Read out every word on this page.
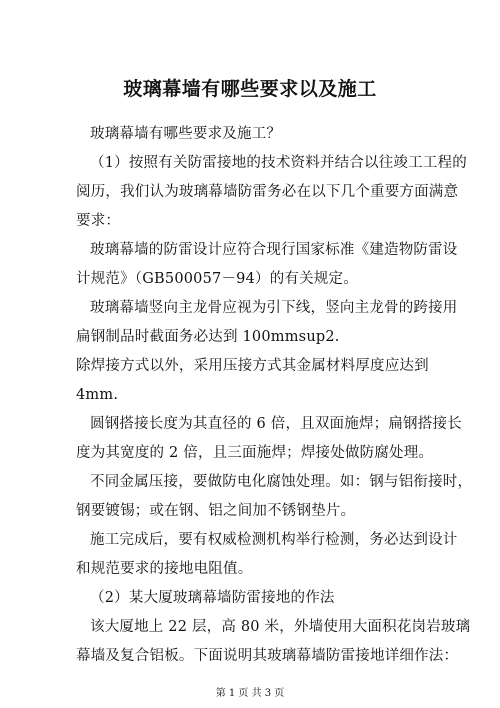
玻璃幕墙有哪些要求以及施工
玻璃幕墙有哪些要求及施工？
（1）按照有关防雷接地的技术资料并结合以往竣工工程的
阅历，我们认为玻璃幕墙防雷务必在以下几个重要方面满意
要求：
玻璃幕墙的防雷设计应符合现行国家标准《建造物防雷设
计规范》（GB500057－94）的有关规定。
玻璃幕墙竖向主龙骨应视为引下线，竖向主龙骨的跨接用
扁钢制品时截面务必达到 100mmsup2.
除焊接方式以外，采用压接方式其金属材料厚度应达到
4mm.
圆钢搭接长度为其直径的 6 倍，且双面施焊；扁钢搭接长
度为其宽度的 2 倍，且三面施焊；焊接处做防腐处理。
不同金属压接，要做防电化腐蚀处理。如：钢与铝衔接时，
钢要镀锡；或在钢、铝之间加不锈钢垫片。
施工完成后，要有权威检测机构举行检测，务必达到设计
和规范要求的接地电阻值。
（2）某大厦玻璃幕墙防雷接地的作法
该大厦地上 22 层，高 80 米，外墙使用大面积花岗岩玻璃
幕墙及复合铝板。下面说明其玻璃幕墙防雷接地详细作法：
第 1 页 共 3 页
